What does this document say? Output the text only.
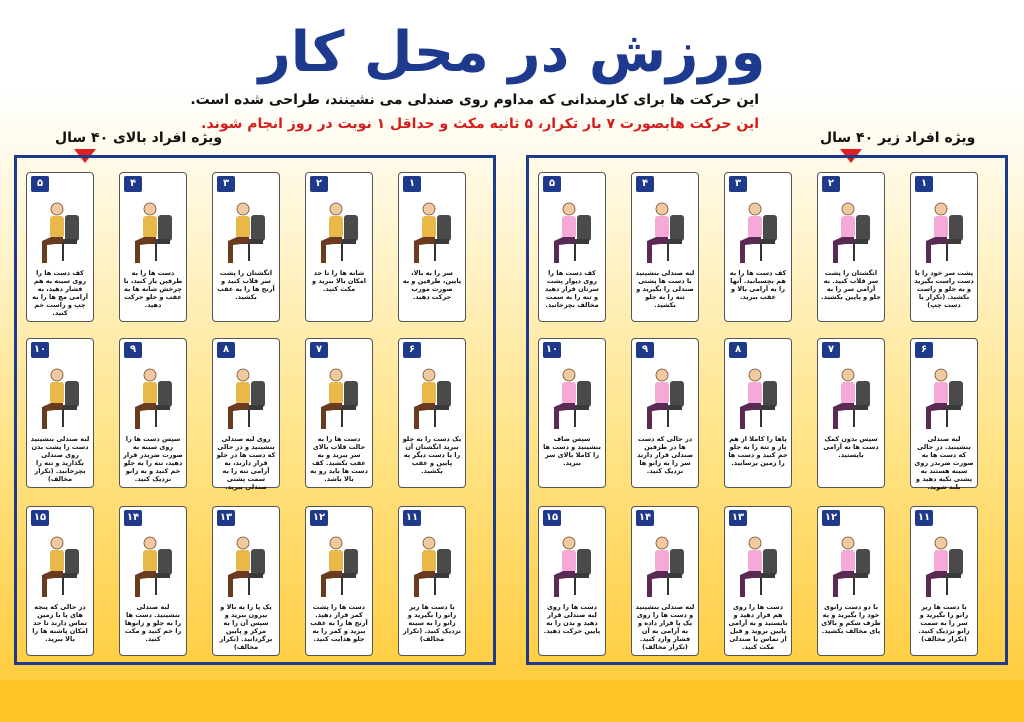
ورزش در محل کار
این حرکت ها برای کارمندانی که مداوم روی صندلی می نشینند، طراحی شده است.
این حرکت هابصورت ۷ بار تکرار، ۵ ثانیه مکث و حداقل ۱ نوبت در روز انجام شوند.
ویژه افراد بالای ۴۰ سال	ویژه افراد زیر ۴۰ سال
۱
سر را به بالا، پایین، طرفین و به صورت مورب حرکت دهید.
۲
شانه ها را تا حد امکان بالا ببرید و مکث کنید.
۳
انگشتان را پشت سر قلاب کنید و آرنج ها را به عقب بکشید.
۴
دست ها را به طرفین باز کنید، با چرخش شانه ها به عقب و جلو حرکت دهید.
۵
کف دست ها را روی سینه به هم فشار دهید، به آرامی مچ ها را به چپ و راست خم کنید.
۶
یک دست را به جلو ببرید انگشتان آن را با دست دیگر به پایین و عقب بکشید.
۷
دست ها را به حالت قلاب بالای سر ببرید و به عقب بکشید. کف دست ها باید رو به بالا باشد.
۸
روی لبه صندلی بنشینید و در حالی که دست ها در جلو قرار دارند، به آرامی تنه را به سمت پشتی صندلی ببرید.
۹
سپس دست ها را روی سینه به صورت ضربدر قرار دهید، تنه را به جلو خم کنید و به زانو نزدیک کنید.
۱۰
لبه صندلی بنشینید دست را پشت بدن روی صندلی بگذارید و تنه را بچرخانید. (تکرار مخالف)
۱۱
با دست ها زیر زانو را بگیرید و زانو را به سینه نزدیک کنید. (تکرار مخالف)
۱۲
دست ها را پشت کمر قرار دهید. آرنج ها را به عقب ببرید و کمر را به جلو هدایت کنید.
۱۳
یک پا را به بالا و بیرون ببرید و سپس آن را به مرکز و پایین برگردانید. (تکرار مخالف)
۱۴
لبه صندلی بنشینید. دست ها را به جلو و زانوها را خم کنید و مکث کنید.
۱۵
در حالی که پنجه های پا با زمین تماس دارند تا حد امکان پاشنه ها را بالا ببرید.
۱
پشت سر خود را با دست راست بگیرید و به جلو و راست بکشید. (تکرار با دست چپ)
۲
انگشتان را پشت سر قلاب کنید. به آرامی سر را به جلو و پایین بکشید.
۳
کف دست ها را به هم بچسبانید. آنها را به آرامی بالا و عقب ببرید.
۴
لبه صندلی بنشینید با دست ها پشتی صندلی را بگیرید و تنه را به جلو بکشید.
۵
کف دست ها را روی دیوار پشت سرتان قرار دهید و تنه را به سمت مخالف بچرخانید.
۶
لبه صندلی بنشینید. در حالی که دست ها به صورت ضربدر روی سینه هستند به پشتی تکیه دهید و بلند شوید.
۷
سپس بدون کمک دست ها به آرامی بایستید.
۸
پاها را کاملا از هم باز و تنه را به جلو خم کنید و دست ها را زمین برسانید.
۹
در حالی که دست ها در طرفین صندلی قرار دارند سر را به زانو ها نزدیک کنید.
۱۰
سپس صاف بنشینید و دست ها را کاملا بالای سر ببرید.
۱۱
با دست ها زیر زانو را بگیرید و سر را به سمت زانو نزدیک کنید. (تکرار مخالف)
۱۲
با دو دست زانوی خود را بگیرید و به طرف شکم و بالای پای مخالف بکشید.
۱۳
دست ها را روی هم قرار دهید و بایستید و به آرامی پایین بروید و قبل از تماس با صندلی مکث کنید.
۱۴
لبه صندلی بنشینید و دست ها را روی یک پا قرار داده و به آرامی به آن فشار وارد کنید. (تکرار مخالف)
۱۵
دست ها را روی لبه صندلی قرار دهید و بدن را به پایین حرکت دهید.
